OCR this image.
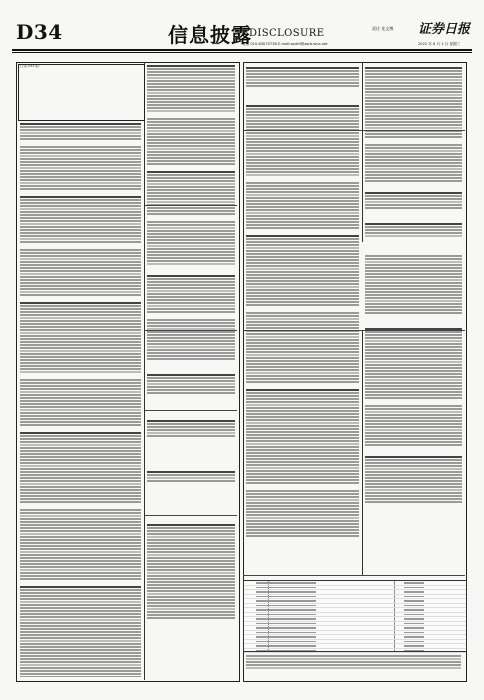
D34	信息披露
DISCLOSURE	责任 花文博
电话 010-63070738 E-mail:zqrb9@zqrb.sina.net
证券日报
2022 年 6 月 1 日 星期三
(上接 D33 版)
